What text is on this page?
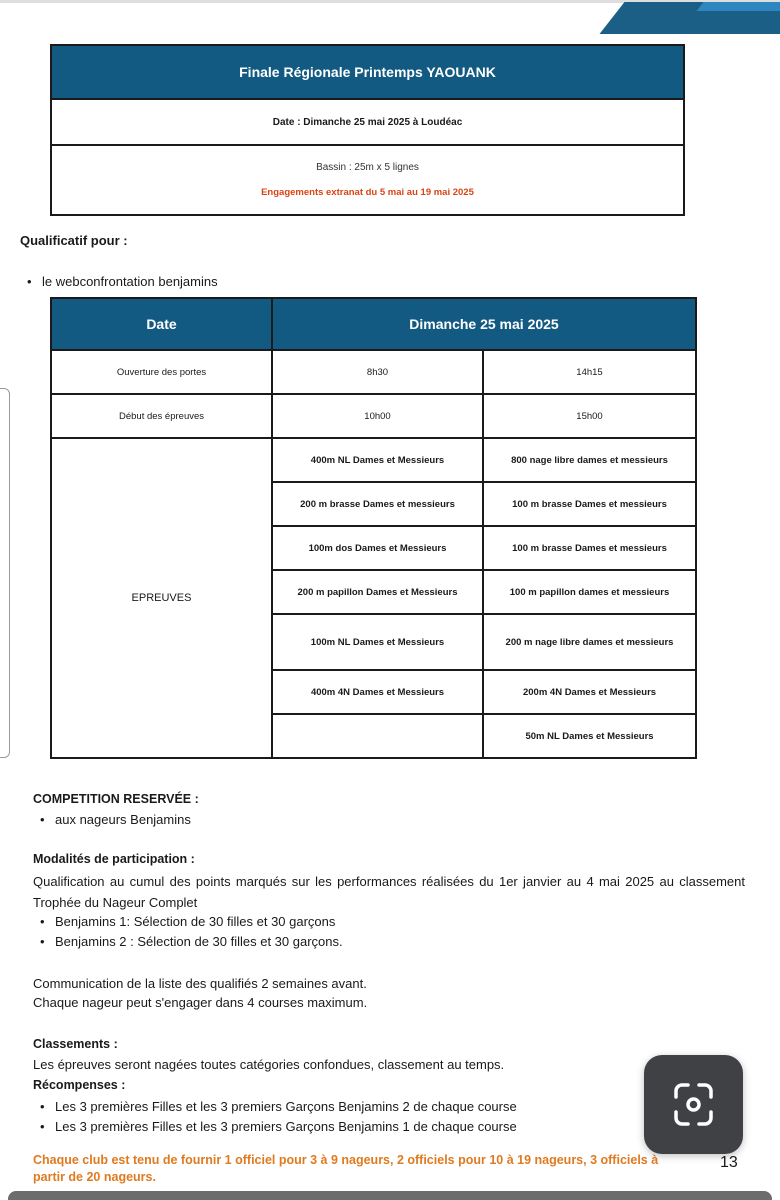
Finale Régionale Printemps YAOUANK
Date : Dimanche 25 mai 2025 à Loudéac

Bassin : 25m x 5 lignes
Engagements extranat du 5 mai au 19 mai 2025
Qualificatif pour :
• le webconfrontation benjamins
Date	Dimanche 25 mai 2025	
Ouverture des portes	8h30	14h15
Début des épreuves	10h00	15h00
EPREUVES	400m NL Dames et Messieurs	800 nage libre dames et messieurs
	200 m brasse Dames et messieurs	100 m brasse Dames et messieurs
	100m dos Dames et Messieurs	100 m brasse Dames et messieurs
	200 m papillon Dames et Messieurs	100 m papillon dames et messieurs
	100m NL Dames et Messieurs	200 m nage libre dames et messieurs
	400m 4N Dames et Messieurs	200m 4N Dames et Messieurs
		50m NL Dames et Messieurs
COMPETITION RESERVÉE :
• aux nageurs Benjamins
Modalités de participation :
Qualification au cumul des points marqués sur les performances réalisées du 1er janvier au 4 mai 2025 au classement Trophée du Nageur Complet
• Benjamins 1: Sélection de 30 filles et 30 garçons
• Benjamins 2 : Sélection de 30 filles et 30 garçons.
Communication de la liste des qualifiés 2 semaines avant.
Chaque nageur peut s'engager dans 4 courses maximum.
Classements :
Les épreuves seront nagées toutes catégories confondues, classement au temps.
Récompenses :
• Les 3 premières Filles et les 3 premiers Garçons Benjamins 2 de chaque course
• Les 3 premières Filles et les 3 premiers Garçons Benjamins 1 de chaque course
Chaque club est tenu de fournir 1 officiel pour 3 à 9 nageurs, 2 officiels pour 10 à 19 nageurs, 3 officiels à partir de 20 nageurs.
13
